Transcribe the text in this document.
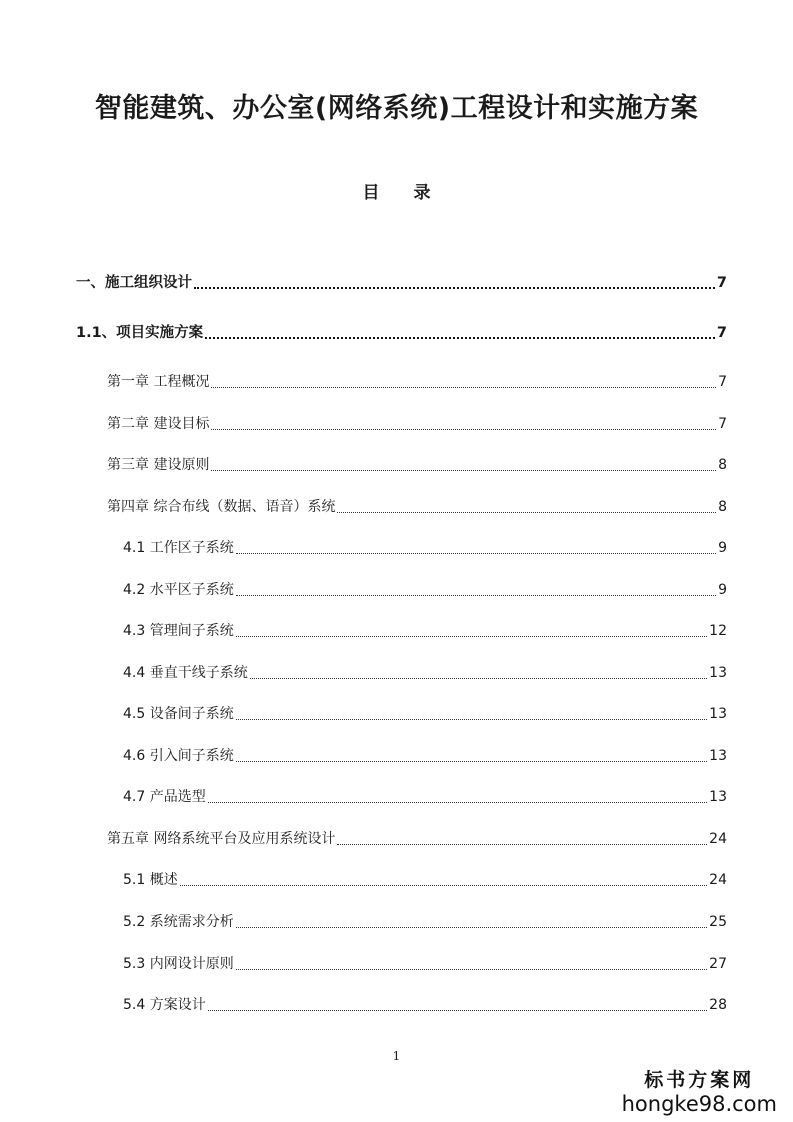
智能建筑、办公室(网络系统)工程设计和实施方案
目录
一、施工组织设计	7
1.1、项目实施方案	7
第一章 工程概况	7
第二章 建设目标	7
第三章 建设原则	8
第四章 综合布线（数据、语音）系统	8
4.1 工作区子系统	9
4.2 水平区子系统	9
4.3 管理间子系统	12
4.4 垂直干线子系统	13
4.5 设备间子系统	13
4.6 引入间子系统	13
4.7 产品选型	13
第五章 网络系统平台及应用系统设计	24
5.1 概述	24
5.2 系统需求分析	25
5.3 内网设计原则	27
5.4 方案设计	28
1
标书方案网
hongke98.com
